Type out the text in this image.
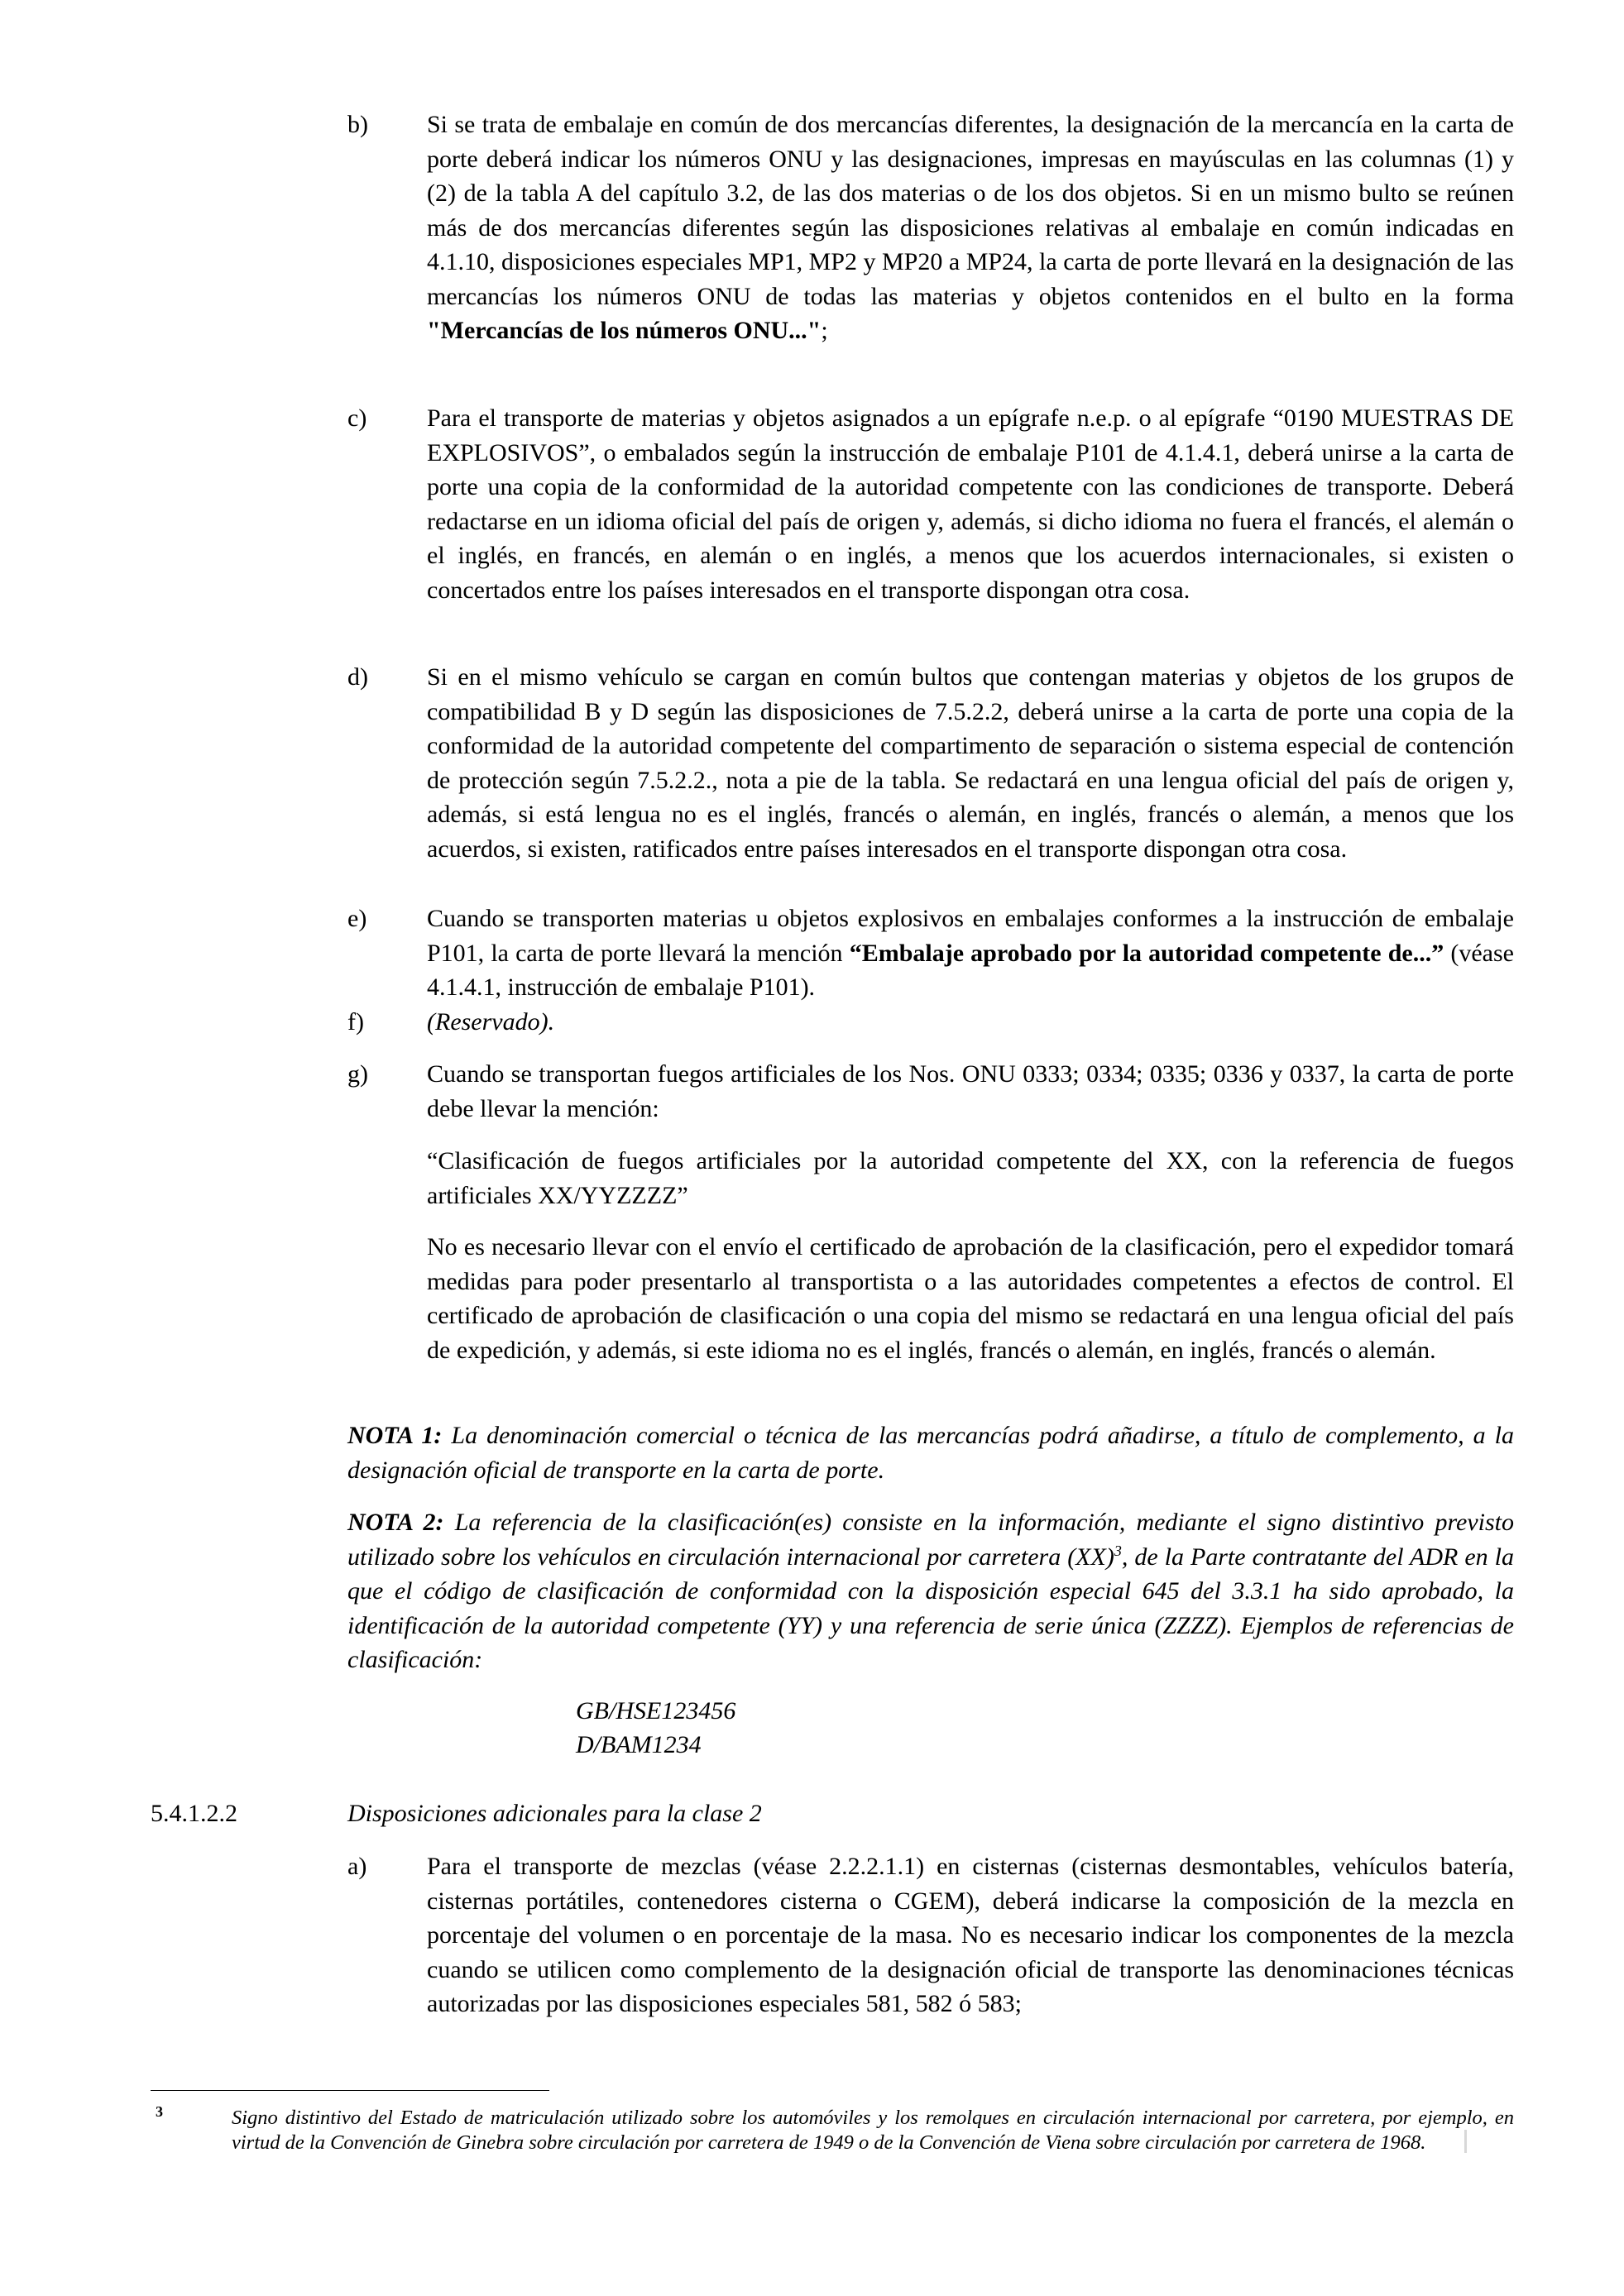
b) Si se trata de embalaje en común de dos mercancías diferentes, la designación de la mercancía en la carta de porte deberá indicar los números ONU y las designaciones, impresas en mayúsculas en las columnas (1) y (2) de la tabla A del capítulo 3.2, de las dos materias o de los dos objetos. Si en un mismo bulto se reúnen más de dos mercancías diferentes según las disposiciones relativas al embalaje en común indicadas en 4.1.10, disposiciones especiales MP1, MP2 y MP20 a MP24, la carta de porte llevará en la designación de las mercancías los números ONU de todas las materias y objetos contenidos en el bulto en la forma "Mercancías de los números ONU...";
c) Para el transporte de materias y objetos asignados a un epígrafe n.e.p. o al epígrafe “0190 MUESTRAS DE EXPLOSIVOS”, o embalados según la instrucción de embalaje P101 de 4.1.4.1, deberá unirse a la carta de porte una copia de la conformidad de la autoridad competente con las condiciones de transporte. Deberá redactarse en un idioma oficial del país de origen y, además, si dicho idioma no fuera el francés, el alemán o el inglés, en francés, en alemán o en inglés, a menos que los acuerdos internacionales, si existen o concertados entre los países interesados en el transporte dispongan otra cosa.
d) Si en el mismo vehículo se cargan en común bultos que contengan materias y objetos de los grupos de compatibilidad B y D según las disposiciones de 7.5.2.2, deberá unirse a la carta de porte una copia de la conformidad de la autoridad competente del compartimento de separación o sistema especial de contención de protección según 7.5.2.2., nota a pie de la tabla. Se redactará en una lengua oficial del país de origen y, además, si está lengua no es el inglés, francés o alemán, en inglés, francés o alemán, a menos que los acuerdos, si existen, ratificados entre países interesados en el transporte dispongan otra cosa.
e) Cuando se transporten materias u objetos explosivos en embalajes conformes a la instrucción de embalaje P101, la carta de porte llevará la mención “Embalaje aprobado por la autoridad competente de...” (véase 4.1.4.1, instrucción de embalaje P101).
f)	(Reservado).
g) Cuando se transportan fuegos artificiales de los Nos. ONU 0333; 0334; 0335; 0336 y 0337, la carta de porte debe llevar la mención:
“Clasificación de fuegos artificiales por la autoridad competente del XX, con la referencia de fuegos artificiales XX/YYZZZZ”
No es necesario llevar con el envío el certificado de aprobación de la clasificación, pero el expedidor tomará medidas para poder presentarlo al transportista o a las autoridades competentes a efectos de control. El certificado de aprobación de clasificación o una copia del mismo se redactará en una lengua oficial del país de expedición, y además, si este idioma no es el inglés, francés o alemán, en inglés, francés o alemán.
NOTA 1: La denominación comercial o técnica de las mercancías podrá añadirse, a título de complemento, a la designación oficial de transporte en la carta de porte.
NOTA 2: La referencia de la clasificación(es) consiste en la información, mediante el signo distintivo previsto utilizado sobre los vehículos en circulación internacional por carretera (XX)$^3$, de la Parte contratante del ADR en la que el código de clasificación de conformidad con la disposición especial 645 del 3.3.1 ha sido aprobado, la identificación de la autoridad competente (YY) y una referencia de serie única (ZZZZ). Ejemplos de referencias de clasificación:
GB/HSE123456
D/BAM1234
5.4.1.2.2	Disposiciones adicionales para la clase 2
a) Para el transporte de mezclas (véase 2.2.2.1.1) en cisternas (cisternas desmontables, vehículos batería, cisternas portátiles, contenedores cisterna o CGEM), deberá indicarse la composición de la mezcla en porcentaje del volumen o en porcentaje de la masa. No es necesario indicar los componentes de la mezcla cuando se utilicen como complemento de la designación oficial de transporte las denominaciones técnicas autorizadas por las disposiciones especiales 581, 582 ó 583;
3	Signo distintivo del Estado de matriculación utilizado sobre los automóviles y los remolques en circulación internacional por carretera, por ejemplo, en virtud de la Convención de Ginebra sobre circulación por carretera de 1949 o de la Convención de Viena sobre circulación por carretera de 1968.
